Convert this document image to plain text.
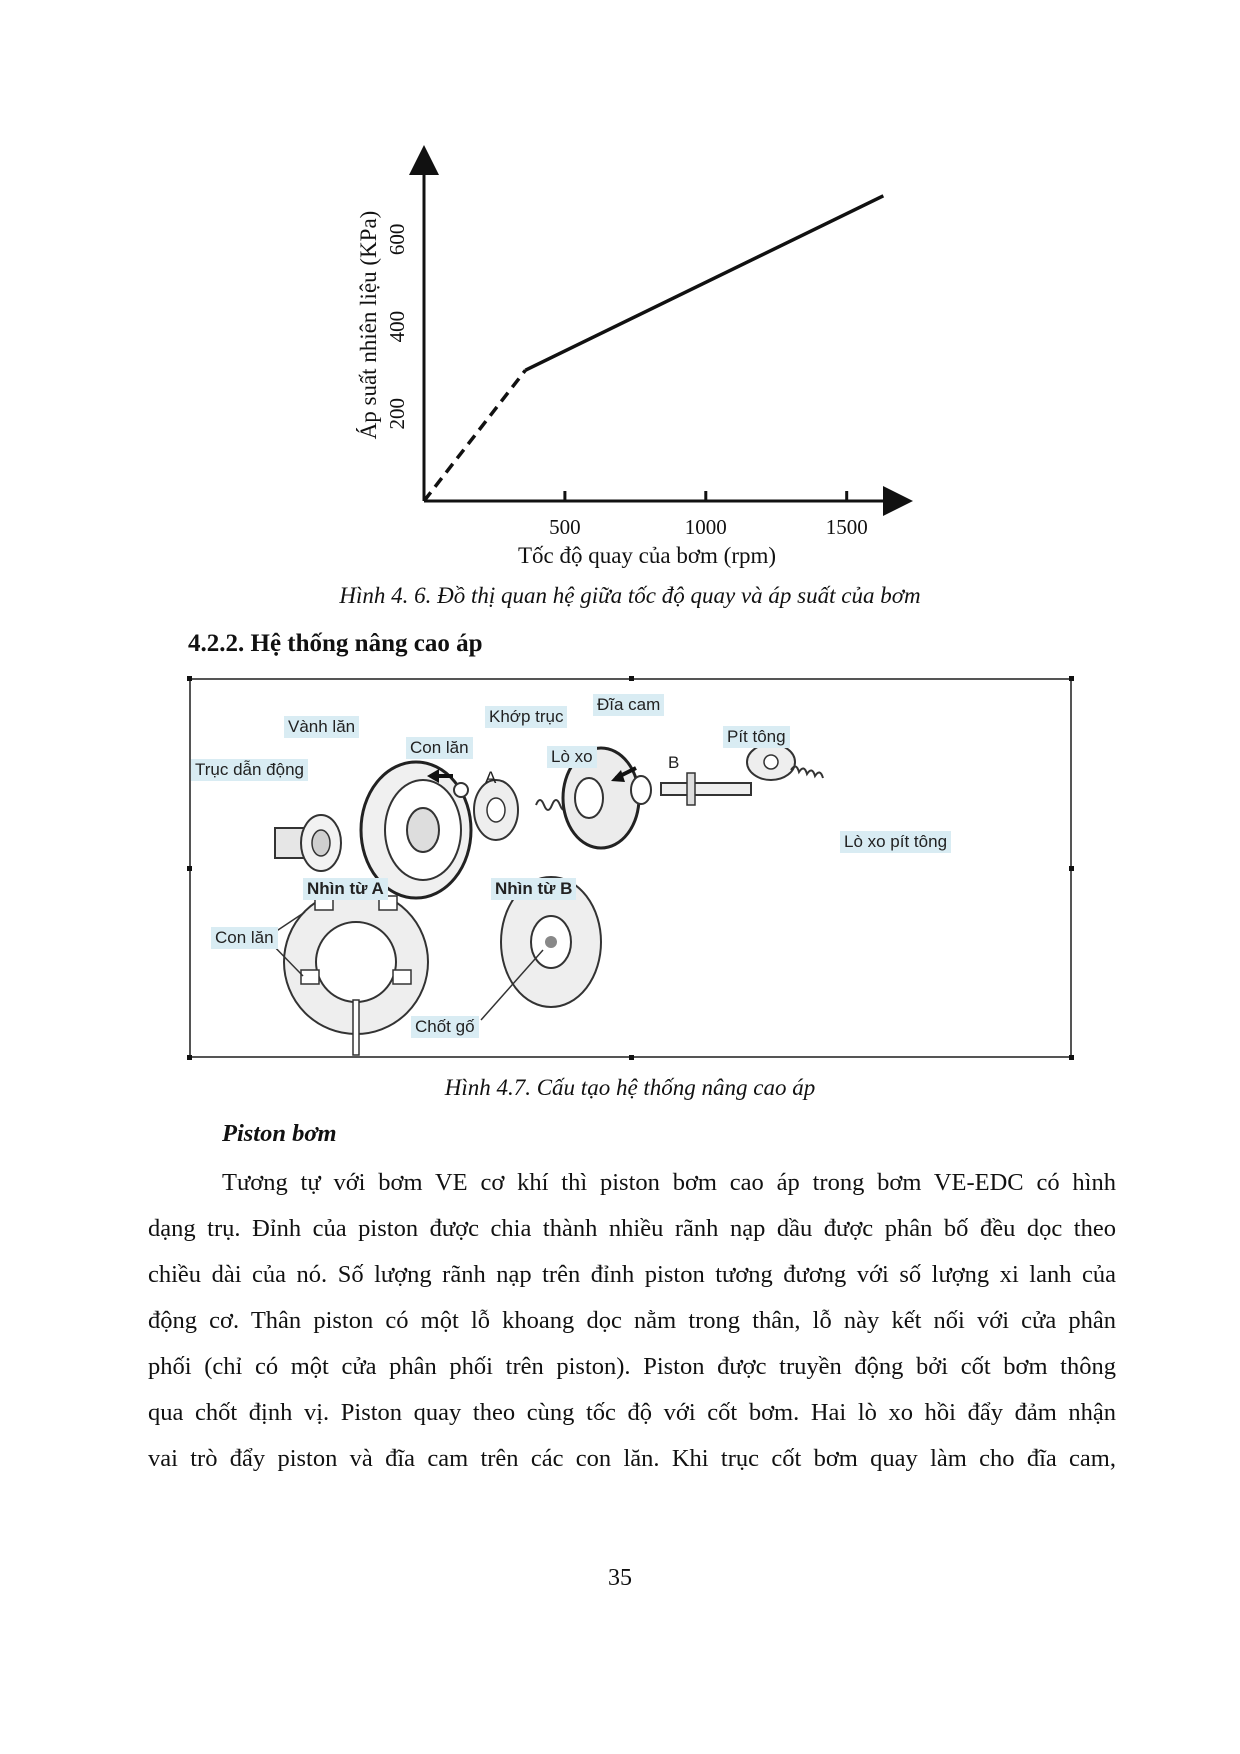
500	1000	1500
200
400
600
Tốc độ quay của bơm (rpm)
Áp suất nhiên liệu (KPa)
Hình 4. 6. Đồ thị quan hệ giữa tốc độ quay và áp suất của bơm
4.2.2. Hệ thống nâng cao áp
Vành lăn
Khớp trục
Đĩa cam
Con lăn	Lò xo
Pít tông
Trục dẫn động	A
B
Lò xo pít tông
Nhìn từ A	Nhìn từ B
Con lăn
Chốt gố
Hình 4.7. Cấu tạo hệ thống nâng cao áp
Piston bơm
Tương tự với bơm VE cơ khí thì piston bơm cao áp trong bơm VE-EDC có hình
dạng trụ. Đỉnh của piston được chia thành nhiều rãnh nạp dầu được phân bố đều dọc theo
chiều dài của nó. Số lượng rãnh nạp trên đỉnh piston tương đương với số lượng xi lanh của
động cơ. Thân piston có một lỗ khoang dọc nằm trong thân, lỗ này kết nối với cửa phân
phối (chỉ có một cửa phân phối trên piston). Piston được truyền động bởi cốt bơm thông
qua chốt định vị. Piston quay theo cùng tốc độ với cốt bơm. Hai lò xo hồi đẩy đảm nhận
vai trò đẩy piston và đĩa cam trên các con lăn. Khi trục cốt bơm quay làm cho đĩa cam,
35
